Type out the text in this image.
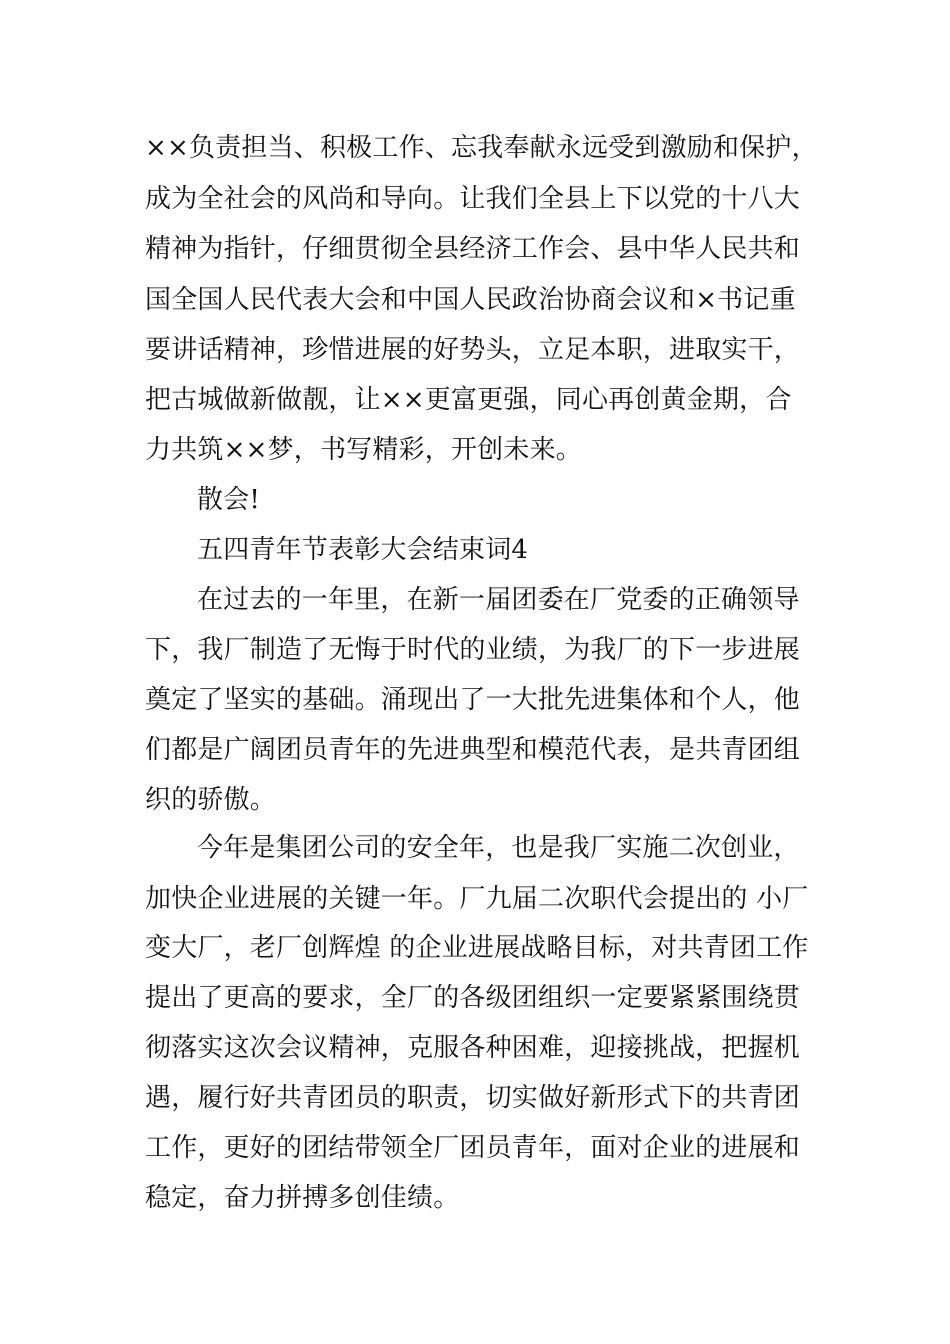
××负责担当、积极工作、忘我奉献永远受到激励和保护，
成为全社会的风尚和导向。让我们全县上下以党的十八大
精神为指针，仔细贯彻全县经济工作会、县中华人民共和
国全国人民代表大会和中国人民政治协商会议和×书记重
要讲话精神，珍惜进展的好势头，立足本职，进取实干，
把古城做新做靓，让××更富更强，同心再创黄金期，合
力共筑××梦，书写精彩，开创未来。
散会!
五四青年节表彰大会结束词4
在过去的一年里，在新一届团委在厂党委的正确领导
下，我厂制造了无悔于时代的业绩，为我厂的下一步进展
奠定了坚实的基础。涌现出了一大批先进集体和个人，他
们都是广阔团员青年的先进典型和模范代表，是共青团组
织的骄傲。
今年是集团公司的安全年，也是我厂实施二次创业，
加快企业进展的关键一年。厂九届二次职代会提出的 小厂
变大厂，老厂创辉煌 的企业进展战略目标，对共青团工作
提出了更高的要求，全厂的各级团组织一定要紧紧围绕贯
彻落实这次会议精神，克服各种困难，迎接挑战，把握机
遇，履行好共青团员的职责，切实做好新形式下的共青团
工作，更好的团结带领全厂团员青年，面对企业的进展和
稳定，奋力拼搏多创佳绩。
